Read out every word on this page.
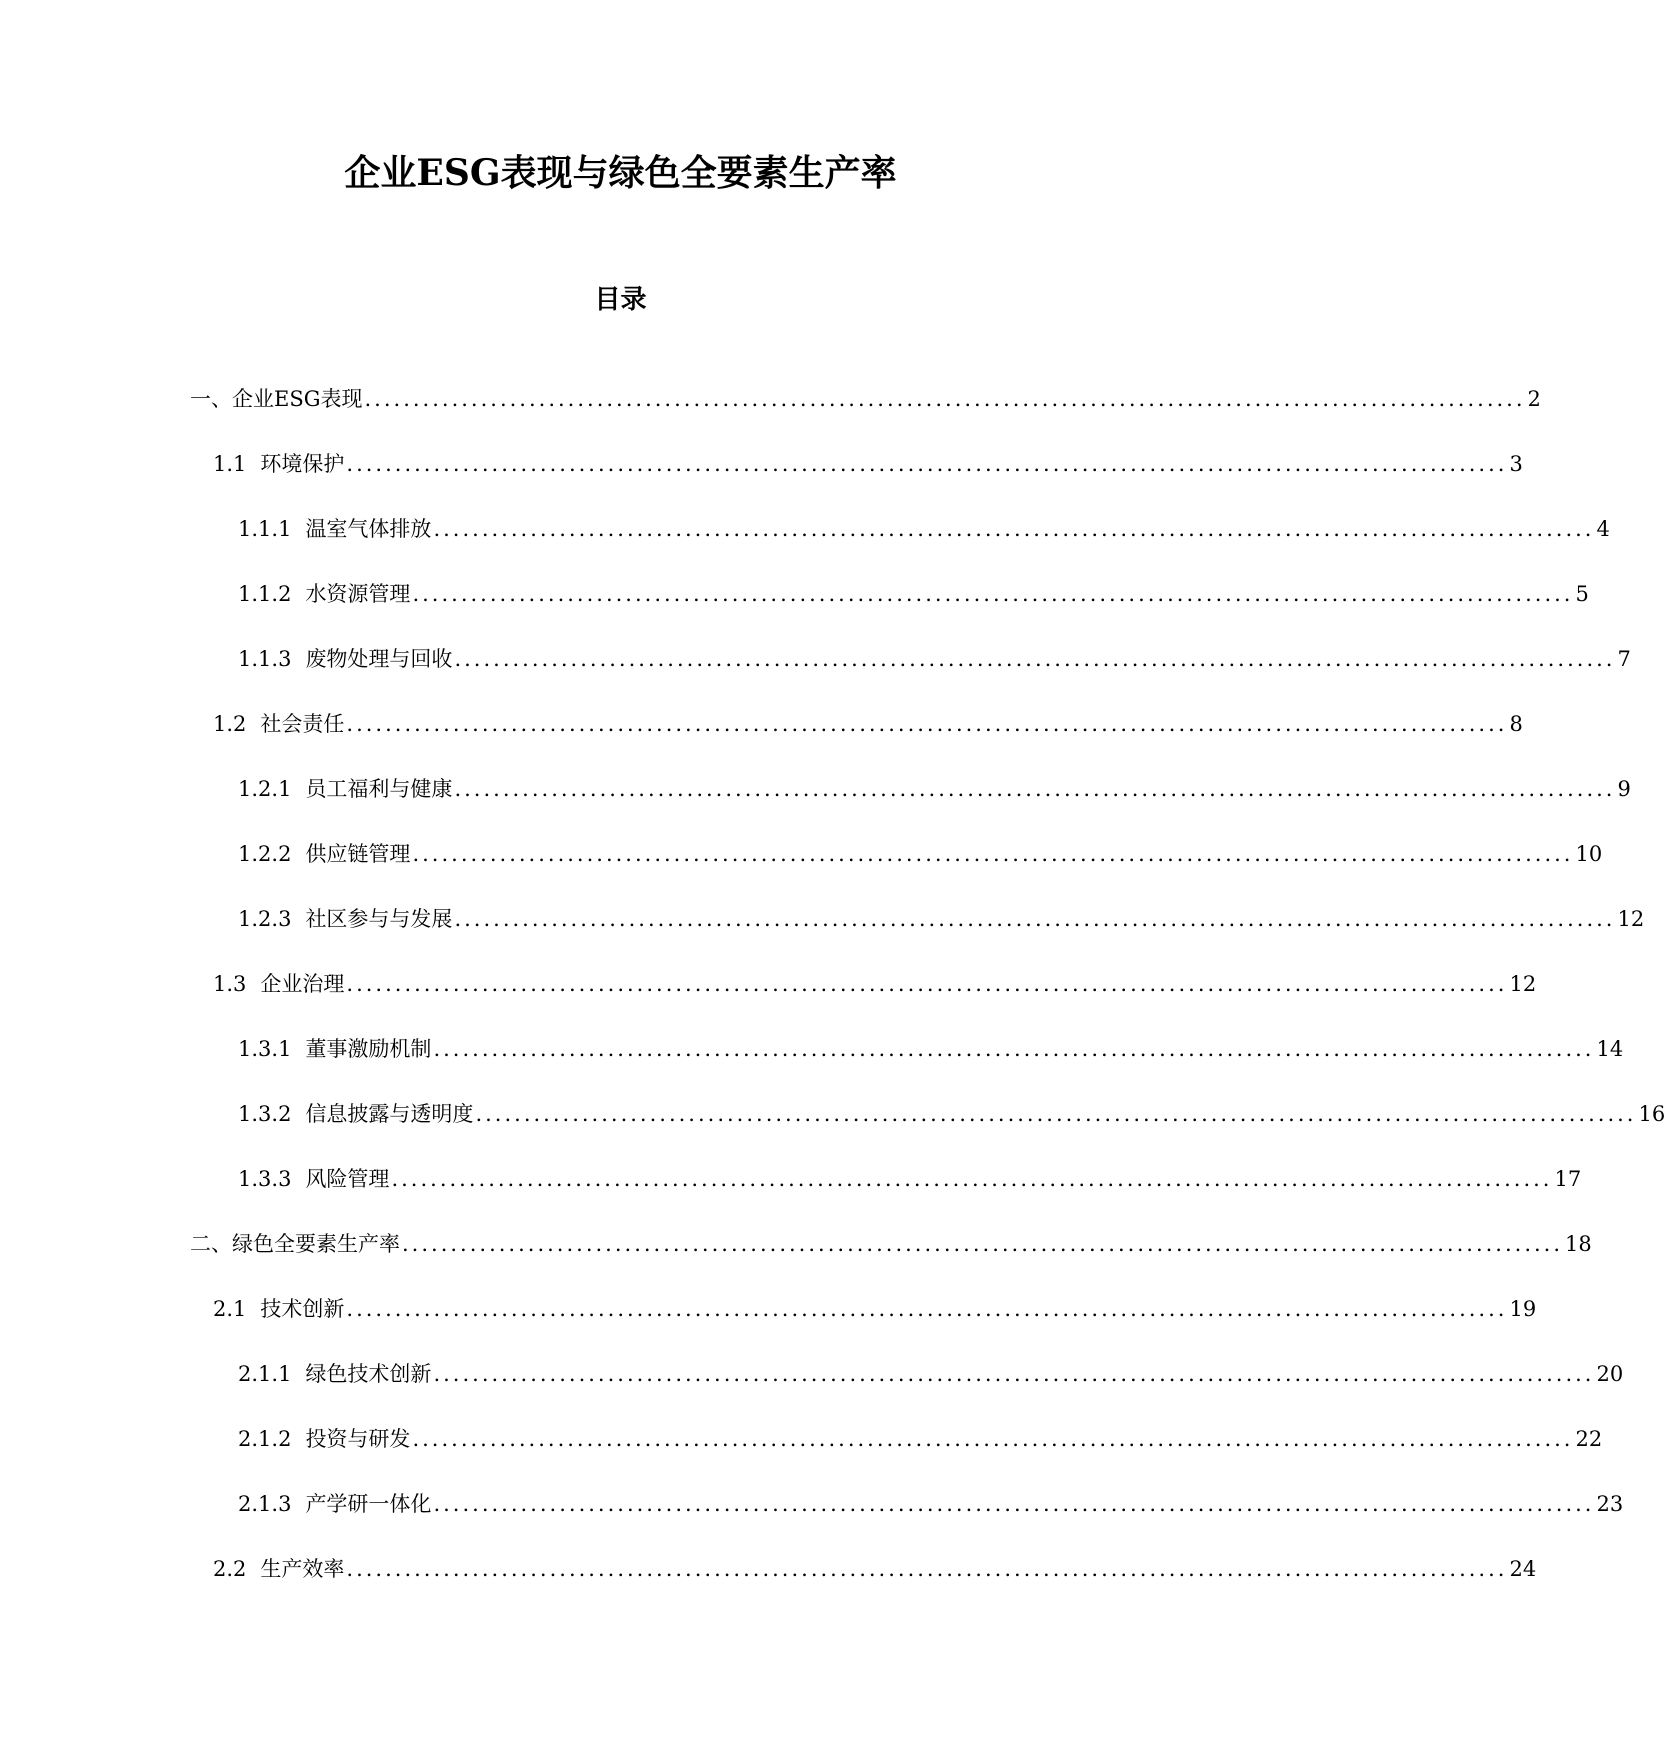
企业ESG表现与绿色全要素生产率
目录
一、企业ESG表现 ........................................................................................................................ 2
1.1 环境保护 ........................................................................................................................ 3
1.1.1 温室气体排放 ........................................................................................................................ 4
1.1.2 水资源管理 ........................................................................................................................ 5
1.1.3 废物处理与回收 ........................................................................................................................ 7
1.2 社会责任 ........................................................................................................................ 8
1.2.1 员工福利与健康 ........................................................................................................................ 9
1.2.2 供应链管理 ........................................................................................................................ 10
1.2.3 社区参与与发展 ........................................................................................................................ 12
1.3 企业治理 ........................................................................................................................ 12
1.3.1 董事激励机制 ........................................................................................................................ 14
1.3.2 信息披露与透明度 ........................................................................................................................ 16
1.3.3 风险管理 ........................................................................................................................ 17
二、绿色全要素生产率 ........................................................................................................................ 18
2.1 技术创新 ........................................................................................................................ 19
2.1.1 绿色技术创新 ........................................................................................................................ 20
2.1.2 投资与研发 ........................................................................................................................ 22
2.1.3 产学研一体化 ........................................................................................................................ 23
2.2 生产效率 ........................................................................................................................ 24
